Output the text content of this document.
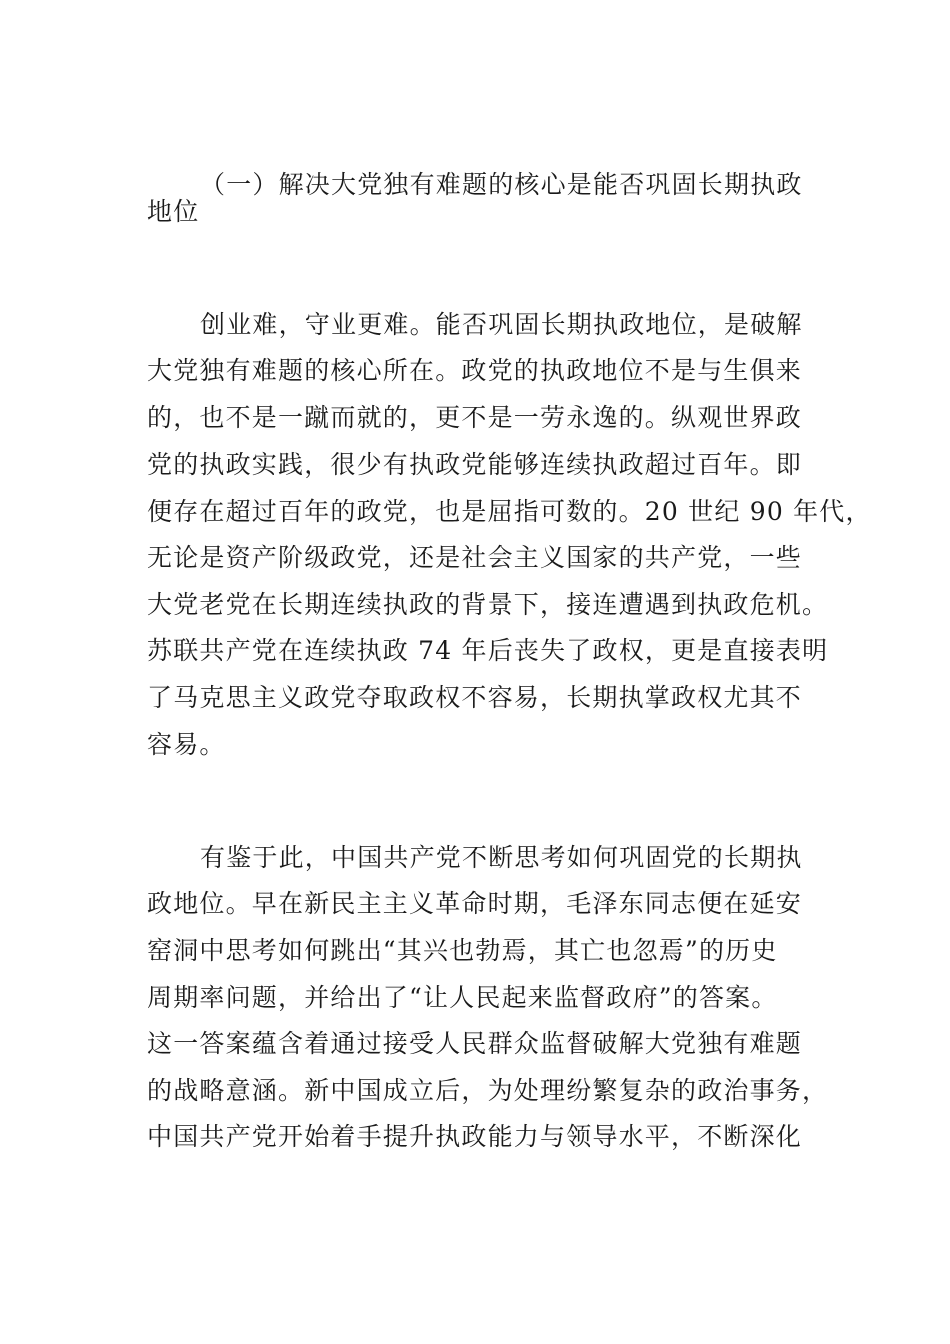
（一）解决大党独有难题的核心是能否巩固长期执政
地位
创业难，守业更难。能否巩固长期执政地位，是破解
大党独有难题的核心所在。政党的执政地位不是与生俱来
的，也不是一蹴而就的，更不是一劳永逸的。纵观世界政
党的执政实践，很少有执政党能够连续执政超过百年。即
便存在超过百年的政党，也是屈指可数的。20 世纪 90 年代，
无论是资产阶级政党，还是社会主义国家的共产党，一些
大党老党在长期连续执政的背景下，接连遭遇到执政危机。
苏联共产党在连续执政 74 年后丧失了政权，更是直接表明
了马克思主义政党夺取政权不容易，长期执掌政权尤其不
容易。
有鉴于此，中国共产党不断思考如何巩固党的长期执
政地位。早在新民主主义革命时期，毛泽东同志便在延安
窑洞中思考如何跳出“其兴也勃焉，其亡也忽焉”的历史
周期率问题，并给出了“让人民起来监督政府”的答案。
这一答案蕴含着通过接受人民群众监督破解大党独有难题
的战略意涵。新中国成立后，为处理纷繁复杂的政治事务，
中国共产党开始着手提升执政能力与领导水平，不断深化
